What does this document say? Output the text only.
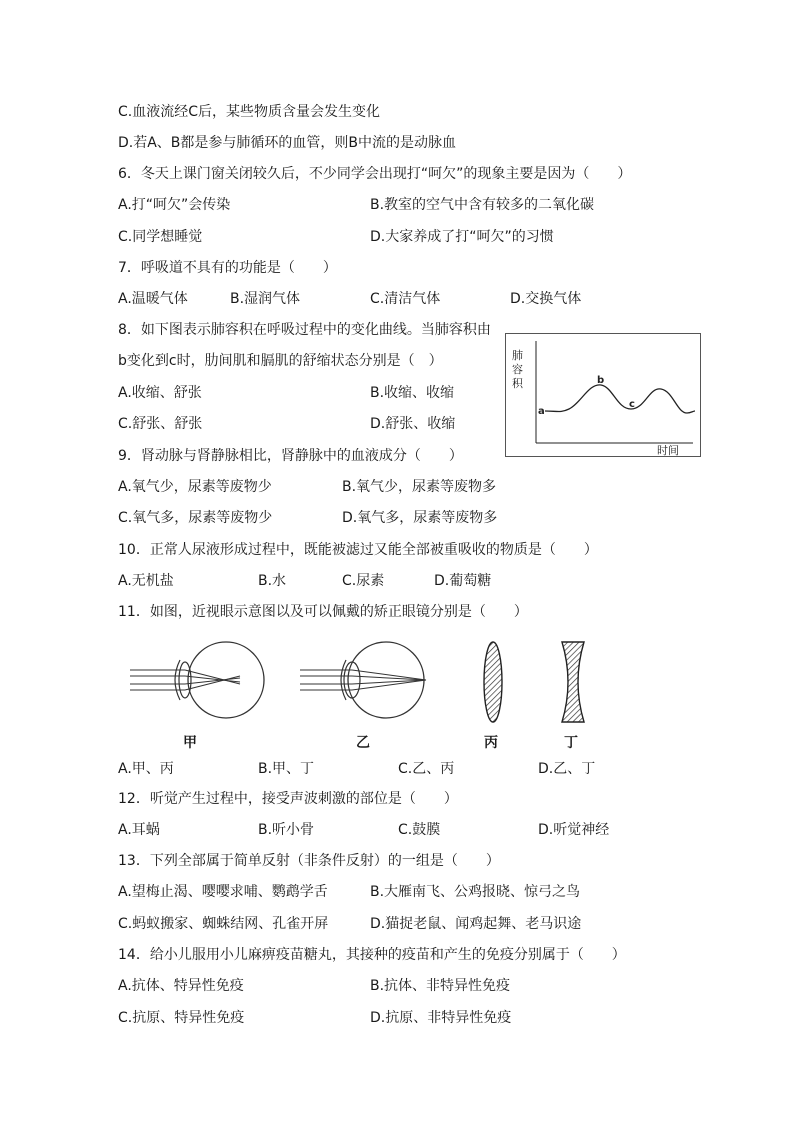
C.血液流经C后，某些物质含量会发生变化
D.若A、B都是参与肺循环的血管，则B中流的是动脉血
6．冬天上课门窗关闭较久后，不少同学会出现打“呵欠”的现象主要是因为（　　）
A.打“呵欠”会传染	B.教室的空气中含有较多的二氧化碳
C.同学想睡觉	D.大家养成了打“呵欠”的习惯
7．呼吸道不具有的功能是（　　）
A.温暖气体	B.湿润气体	C.清洁气体	D.交换气体
8．如下图表示肺容积在呼吸过程中的变化曲线。当肺容积由
b变化到c时，肋间肌和膈肌的舒缩状态分别是（　）
A.收缩、舒张	B.收缩、收缩
C.舒张、舒张	D.舒张、收缩
肺
容
积
时间
a
b
c
9．肾动脉与肾静脉相比，肾静脉中的血液成分（　　）
A.氧气少，尿素等废物少	B.氧气少，尿素等废物多
C.氧气多，尿素等废物少	D.氧气多，尿素等废物多
10．正常人尿液形成过程中，既能被滤过又能全部被重吸收的物质是（　　）
A.无机盐	B.水	C.尿素	D.葡萄糖
11．如图，近视眼示意图以及可以佩戴的矫正眼镜分别是（　　）
甲	乙	丙	丁
A.甲、丙	B.甲、丁	C.乙、丙	D.乙、丁
12．听觉产生过程中，接受声波刺激的部位是（　　）
A.耳蜗	B.听小骨	C.鼓膜	D.听觉神经
13．下列全部属于简单反射（非条件反射）的一组是（　　）
A.望梅止渴、嘤嘤求哺、鹦鹉学舌	B.大雁南飞、公鸡报晓、惊弓之鸟
C.蚂蚁搬家、蜘蛛结网、孔雀开屏	D.猫捉老鼠、闻鸡起舞、老马识途
14．给小儿服用小儿麻痹疫苗糖丸，其接种的疫苗和产生的免疫分别属于（　　）
A.抗体、特异性免疫	B.抗体、非特异性免疫
C.抗原、特异性免疫	D.抗原、非特异性免疫
